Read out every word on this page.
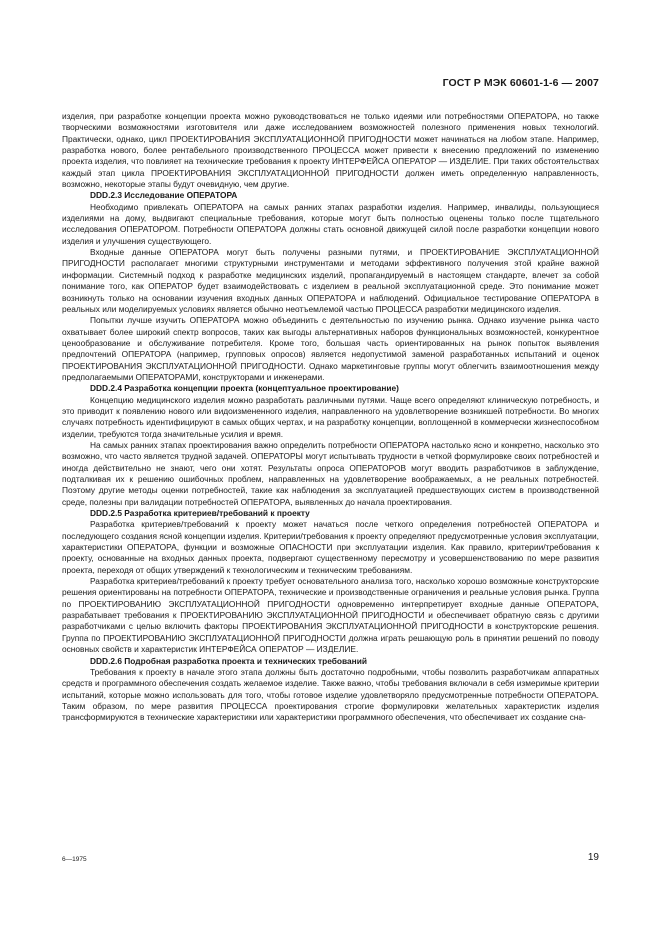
ГОСТ Р МЭК 60601-1-6 — 2007

изделия, при разработке концепции проекта можно руководствоваться не только идеями или потребностями ОПЕРАТОРА, но также творческими возможностями изготовителя или даже исследованием возможностей полезного применения новых технологий. Практически, однако, цикл ПРОЕКТИРОВАНИЯ ЭКСПЛУАТАЦИОННОЙ ПРИГОДНОСТИ может начинаться на любом этапе. Например, разработка нового, более рентабельного производственного ПРОЦЕССА может привести к внесению предложений по изменению проекта изделия, что повлияет на технические требования к проекту ИНТЕРФЕЙСА ОПЕРАТОР — ИЗДЕЛИЕ. При таких обстоятельствах каждый этап цикла ПРОЕКТИРОВАНИЯ ЭКСПЛУАТАЦИОННОЙ ПРИГОДНОСТИ должен иметь определенную направленность, возможно, некоторые этапы будут очевидную, чем другие.

DDD.2.3 Исследование ОПЕРАТОРА

Необходимо привлекать ОПЕРАТОРА на самых ранних этапах разработки изделия. Например, инвалиды, пользующиеся изделиями на дому, выдвигают специальные требования, которые могут быть полностью оценены только после тщательного исследования ОПЕРАТОРОМ. Потребности ОПЕРАТОРА должны стать основной движущей силой после разработки концепции нового изделия и улучшения существующего.

Входные данные ОПЕРАТОРА могут быть получены разными путями, и ПРОЕКТИРОВАНИЕ ЭКСПЛУАТАЦИОННОЙ ПРИГОДНОСТИ располагает многими структурными инструментами и методами эффективного получения этой крайне важной информации. Системный подход к разработке медицинских изделий, пропагандируемый в настоящем стандарте, влечет за собой понимание того, как ОПЕРАТОР будет взаимодействовать с изделием в реальной эксплуатационной среде. Это понимание может возникнуть только на основании изучения входных данных ОПЕРАТОРА и наблюдений. Официальное тестирование ОПЕРАТОРА в реальных или моделируемых условиях является обычно неотъемлемой частью ПРОЦЕССА разработки медицинского изделия.

Попытки лучше изучить ОПЕРАТОРА можно объединить с деятельностью по изучению рынка. Однако изучение рынка часто охватывает более широкий спектр вопросов, таких как выгоды альтернативных наборов функциональных возможностей, конкурентное ценообразование и обслуживание потребителя. Кроме того, большая часть ориентированных на рынок попыток выявления предпочтений ОПЕРАТОРА (например, групповых опросов) является недопустимой заменой разработанных испытаний и оценок ПРОЕКТИРОВАНИЯ ЭКСПЛУАТАЦИОННОЙ ПРИГОДНОСТИ. Однако маркетинговые группы могут облегчить взаимоотношения между предполагаемыми ОПЕРАТОРАМИ, конструкторами и инженерами.

DDD.2.4 Разработка концепции проекта (концептуальное проектирование)

Концепцию медицинского изделия можно разработать различными путями. Чаще всего определяют клиническую потребность, и это приводит к появлению нового или видоизмененного изделия, направленного на удовлетворение возникшей потребности. Во многих случаях потребность идентифицируют в самых общих чертах, и на разработку концепции, воплощенной в коммерчески жизнеспособном изделии, требуются тогда значительные усилия и время.

На самых ранних этапах проектирования важно определить потребности ОПЕРАТОРА настолько ясно и конкретно, насколько это возможно, что часто является трудной задачей. ОПЕРАТОРЫ могут испытывать трудности в четкой формулировке своих потребностей и иногда действительно не знают, чего они хотят. Результаты опроса ОПЕРАТОРОВ могут вводить разработчиков в заблуждение, подталкивая их к решению ошибочных проблем, направленных на удовлетворение воображаемых, а не реальных потребностей. Поэтому другие методы оценки потребностей, такие как наблюдения за эксплуатацией предшествующих систем в производственной среде, полезны при валидации потребностей ОПЕРАТОРА, выявленных до начала проектирования.

DDD.2.5 Разработка критериев/требований к проекту

Разработка критериев/требований к проекту может начаться после четкого определения потребностей ОПЕРАТОРА и последующего создания ясной концепции изделия. Критерии/требования к проекту определяют предусмотренные условия эксплуатации, характеристики ОПЕРАТОРА, функции и возможные ОПАСНОСТИ при эксплуатации изделия. Как правило, критерии/требования к проекту, основанные на входных данных проекта, подвергают существенному пересмотру и усовершенствованию по мере развития проекта, переходя от общих утверждений к технологическим и техническим требованиям.

Разработка критериев/требований к проекту требует основательного анализа того, насколько хорошо возможные конструкторские решения ориентированы на потребности ОПЕРАТОРА, технические и производственные ограничения и реальные условия рынка. Группа по ПРОЕКТИРОВАНИЮ ЭКСПЛУАТАЦИОННОЙ ПРИГОДНОСТИ одновременно интерпретирует входные данные ОПЕРАТОРА, разрабатывает требования к ПРОЕКТИРОВАНИЮ ЭКСПЛУАТАЦИОННОЙ ПРИГОДНОСТИ и обеспечивает обратную связь с другими разработчиками с целью включить факторы ПРОЕКТИРОВАНИЯ ЭКСПЛУАТАЦИОННОЙ ПРИГОДНОСТИ в конструкторские решения. Группа по ПРОЕКТИРОВАНИЮ ЭКСПЛУАТАЦИОННОЙ ПРИГОДНОСТИ должна играть решающую роль в принятии решений по поводу основных свойств и характеристик ИНТЕРФЕЙСА ОПЕРАТОР — ИЗДЕЛИЕ.

DDD.2.6 Подробная разработка проекта и технических требований

Требования к проекту в начале этого этапа должны быть достаточно подробными, чтобы позволить разработчикам аппаратных средств и программного обеспечения создать желаемое изделие. Также важно, чтобы требования включали в себя измеримые критерии испытаний, которые можно использовать для того, чтобы готовое изделие удовлетворяло предусмотренные потребности ОПЕРАТОРА. Таким образом, по мере развития ПРОЦЕССА проектирования строгие формулировки желательных характеристик изделия трансформируются в технические характеристики или характеристики программного обеспечения, что обеспечивает их создание сна-

6—1975	19
